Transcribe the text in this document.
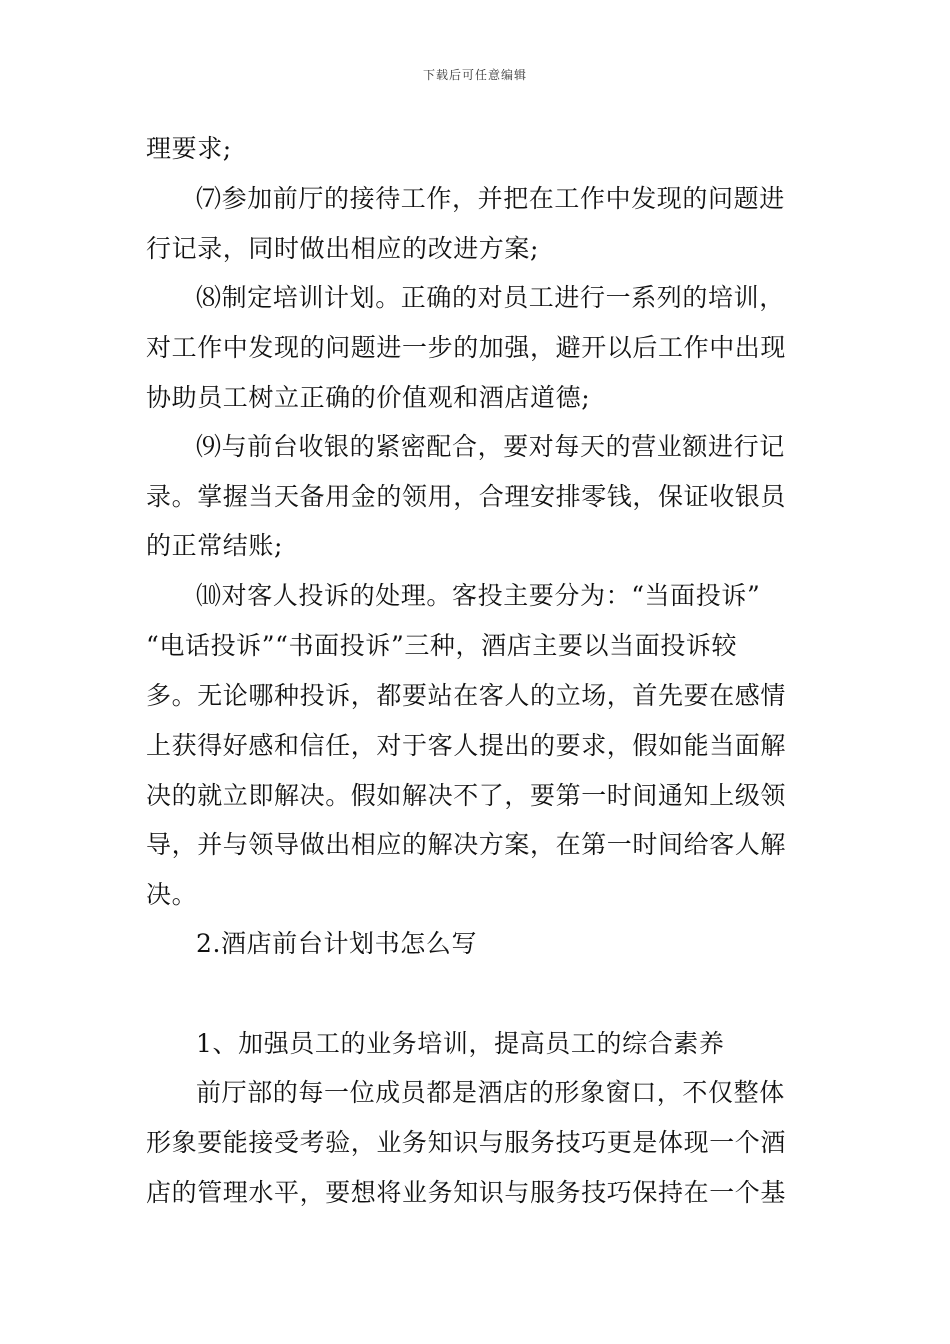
下载后可任意编辑
理要求;
⑺参加前厅的接待工作，并把在工作中发现的问题进
行记录，同时做出相应的改进方案;
⑻制定培训计划。正确的对员工进行一系列的培训，
对工作中发现的问题进一步的加强，避开以后工作中出现
协助员工树立正确的价值观和酒店道德;
⑼与前台收银的紧密配合，要对每天的营业额进行记
录。掌握当天备用金的领用，合理安排零钱，保证收银员
的正常结账;
⑽对客人投诉的处理。客投主要分为：“当面投诉”
“电话投诉”“书面投诉”三种，酒店主要以当面投诉较
多。无论哪种投诉，都要站在客人的立场，首先要在感情
上获得好感和信任，对于客人提出的要求，假如能当面解
决的就立即解决。假如解决不了，要第一时间通知上级领
导，并与领导做出相应的解决方案，在第一时间给客人解
决。
2.酒店前台计划书怎么写
1、加强员工的业务培训，提高员工的综合素养
前厅部的每一位成员都是酒店的形象窗口，不仅整体
形象要能接受考验，业务知识与服务技巧更是体现一个酒
店的管理水平，要想将业务知识与服务技巧保持在一个基
